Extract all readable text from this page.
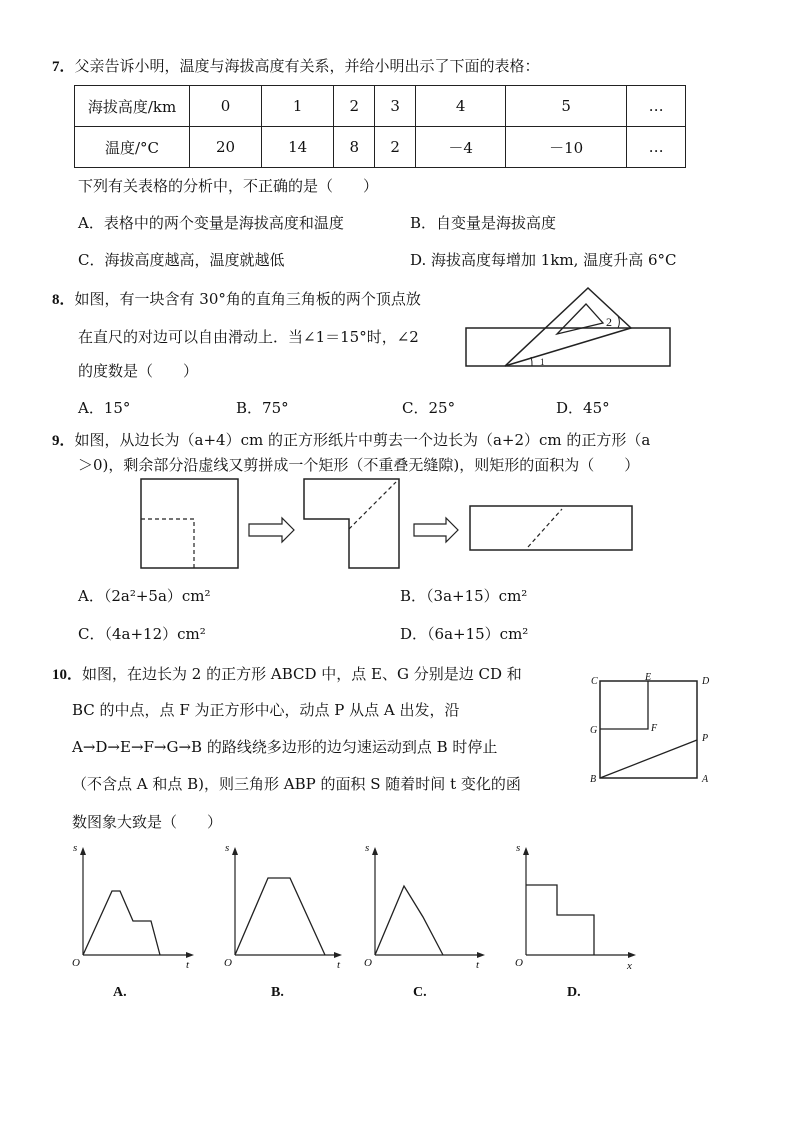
7．父亲告诉小明，温度与海拔高度有关系，并给小明出示了下面的表格：
海拔高度/km	0	1	2	3	4	5	…
温度/°C	20	14	8	2	－4	－10	…
下列有关表格的分析中，不正确的是（　　）
A．表格中的两个变量是海拔高度和温度	B．自变量是海拔高度
C．海拔高度越高，温度就越低	D. 海拔高度每增加 1km, 温度升高 6°C
8．如图，有一块含有 30°角的直角三角板的两个顶点放
在直尺的对边可以自由滑动上．当∠1＝15°时，∠2
的度数是（　　）	1
2
A．15°	B．75°	C．25°	D．45°
9．如图，从边长为（a+4）cm 的正方形纸片中剪去一个边长为（a+2）cm 的正方形（a
＞0)，剩余部分沿虚线又剪拼成一个矩形（不重叠无缝隙)，则矩形的面积为（　　）
A．（2a²+5a）cm²	B．（3a+15）cm²
C．（4a+12）cm²	D．（6a+15）cm²
10．如图，在边长为 2 的正方形 ABCD 中，点 E、G 分别是边 CD 和
BC 的中点，点 F 为正方形中心，动点 P 从点 A 出发，沿
A→D→E→F→G→B 的路线绕多边形的边匀速运动到点 B 时停止
（不含点 A 和点 B)，则三角形 ABP 的面积 S 随着时间 t 变化的函
数图象大致是（　　）
C	E	D
G	F
P
B	A
s
O	t
A.
s
O	t
B.
s
O	t
C.
s
O	x
D.
